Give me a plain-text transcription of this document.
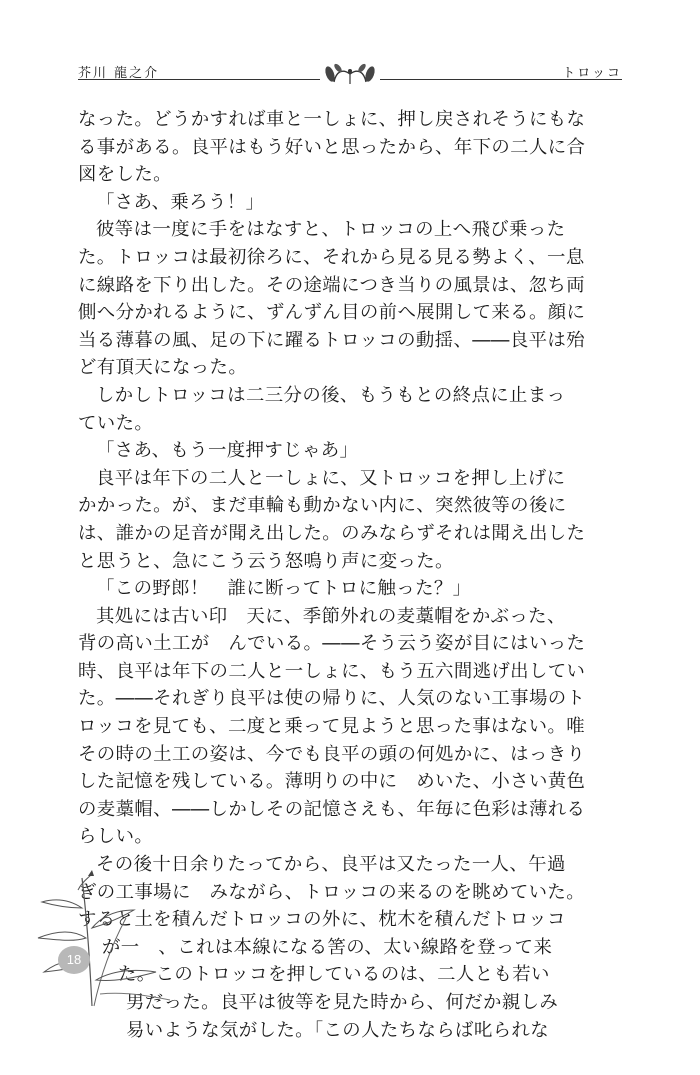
芥川 龍之介	トロッコ

なった。どうかすれば車と一しょに、押し戻されそうにもな

る事がある。良平はもう好いと思ったから、年下の二人に合

図をした。

「さあ、乗ろう！」

彼等は一度に手をはなすと、トロッコの上へ飛び乗った

た。トロッコは最初徐ろに、それから見る見る勢よく、一息

に線路を下り出した。その途端につき当りの風景は、忽ち両

側へ分かれるように、ずんずん目の前へ展開して来る。顔に

当る薄暮の風、足の下に躍るトロッコの動揺、――良平は殆

ど有頂天になった。

しかしトロッコは二三分の後、もうもとの終点に止まっ

ていた。

「さあ、もう一度押すじゃあ」

良平は年下の二人と一しょに、又トロッコを押し上げに

かかった。が、まだ車輪も動かない内に、突然彼等の後に

は、誰かの足音が聞え出した。のみならずそれは聞え出した

と思うと、急にこう云う怒鳴り声に変った。

「この野郎！　誰に断ってトロに触った？」

其処には古い印　天に、季節外れの麦藁帽をかぶった、

背の高い土工が　んでいる。――そう云う姿が目にはいった

時、良平は年下の二人と一しょに、もう五六間逃げ出してい

た。――それぎり良平は使の帰りに、人気のない工事場のト

ロッコを見ても、二度と乗って見ようと思った事はない。唯

その時の土工の姿は、今でも良平の頭の何処かに、はっきり

した記憶を残している。薄明りの中に　めいた、小さい黄色

の麦藁帽、――しかしその記憶さえも、年毎に色彩は薄れる

らしい。

その後十日余りたってから、良平は又たった一人、午過

ぎの工事場に　みながら、トロッコの来るのを眺めていた。

すると土を積んだトロッコの外に、枕木を積んだトロッコ

が一　、これは本線になる筈の、太い線路を登って来

た。このトロッコを押しているのは、二人とも若い

男だった。良平は彼等を見た時から、何だか親しみ

易いような気がした。「この人たちならば叱られな

18
